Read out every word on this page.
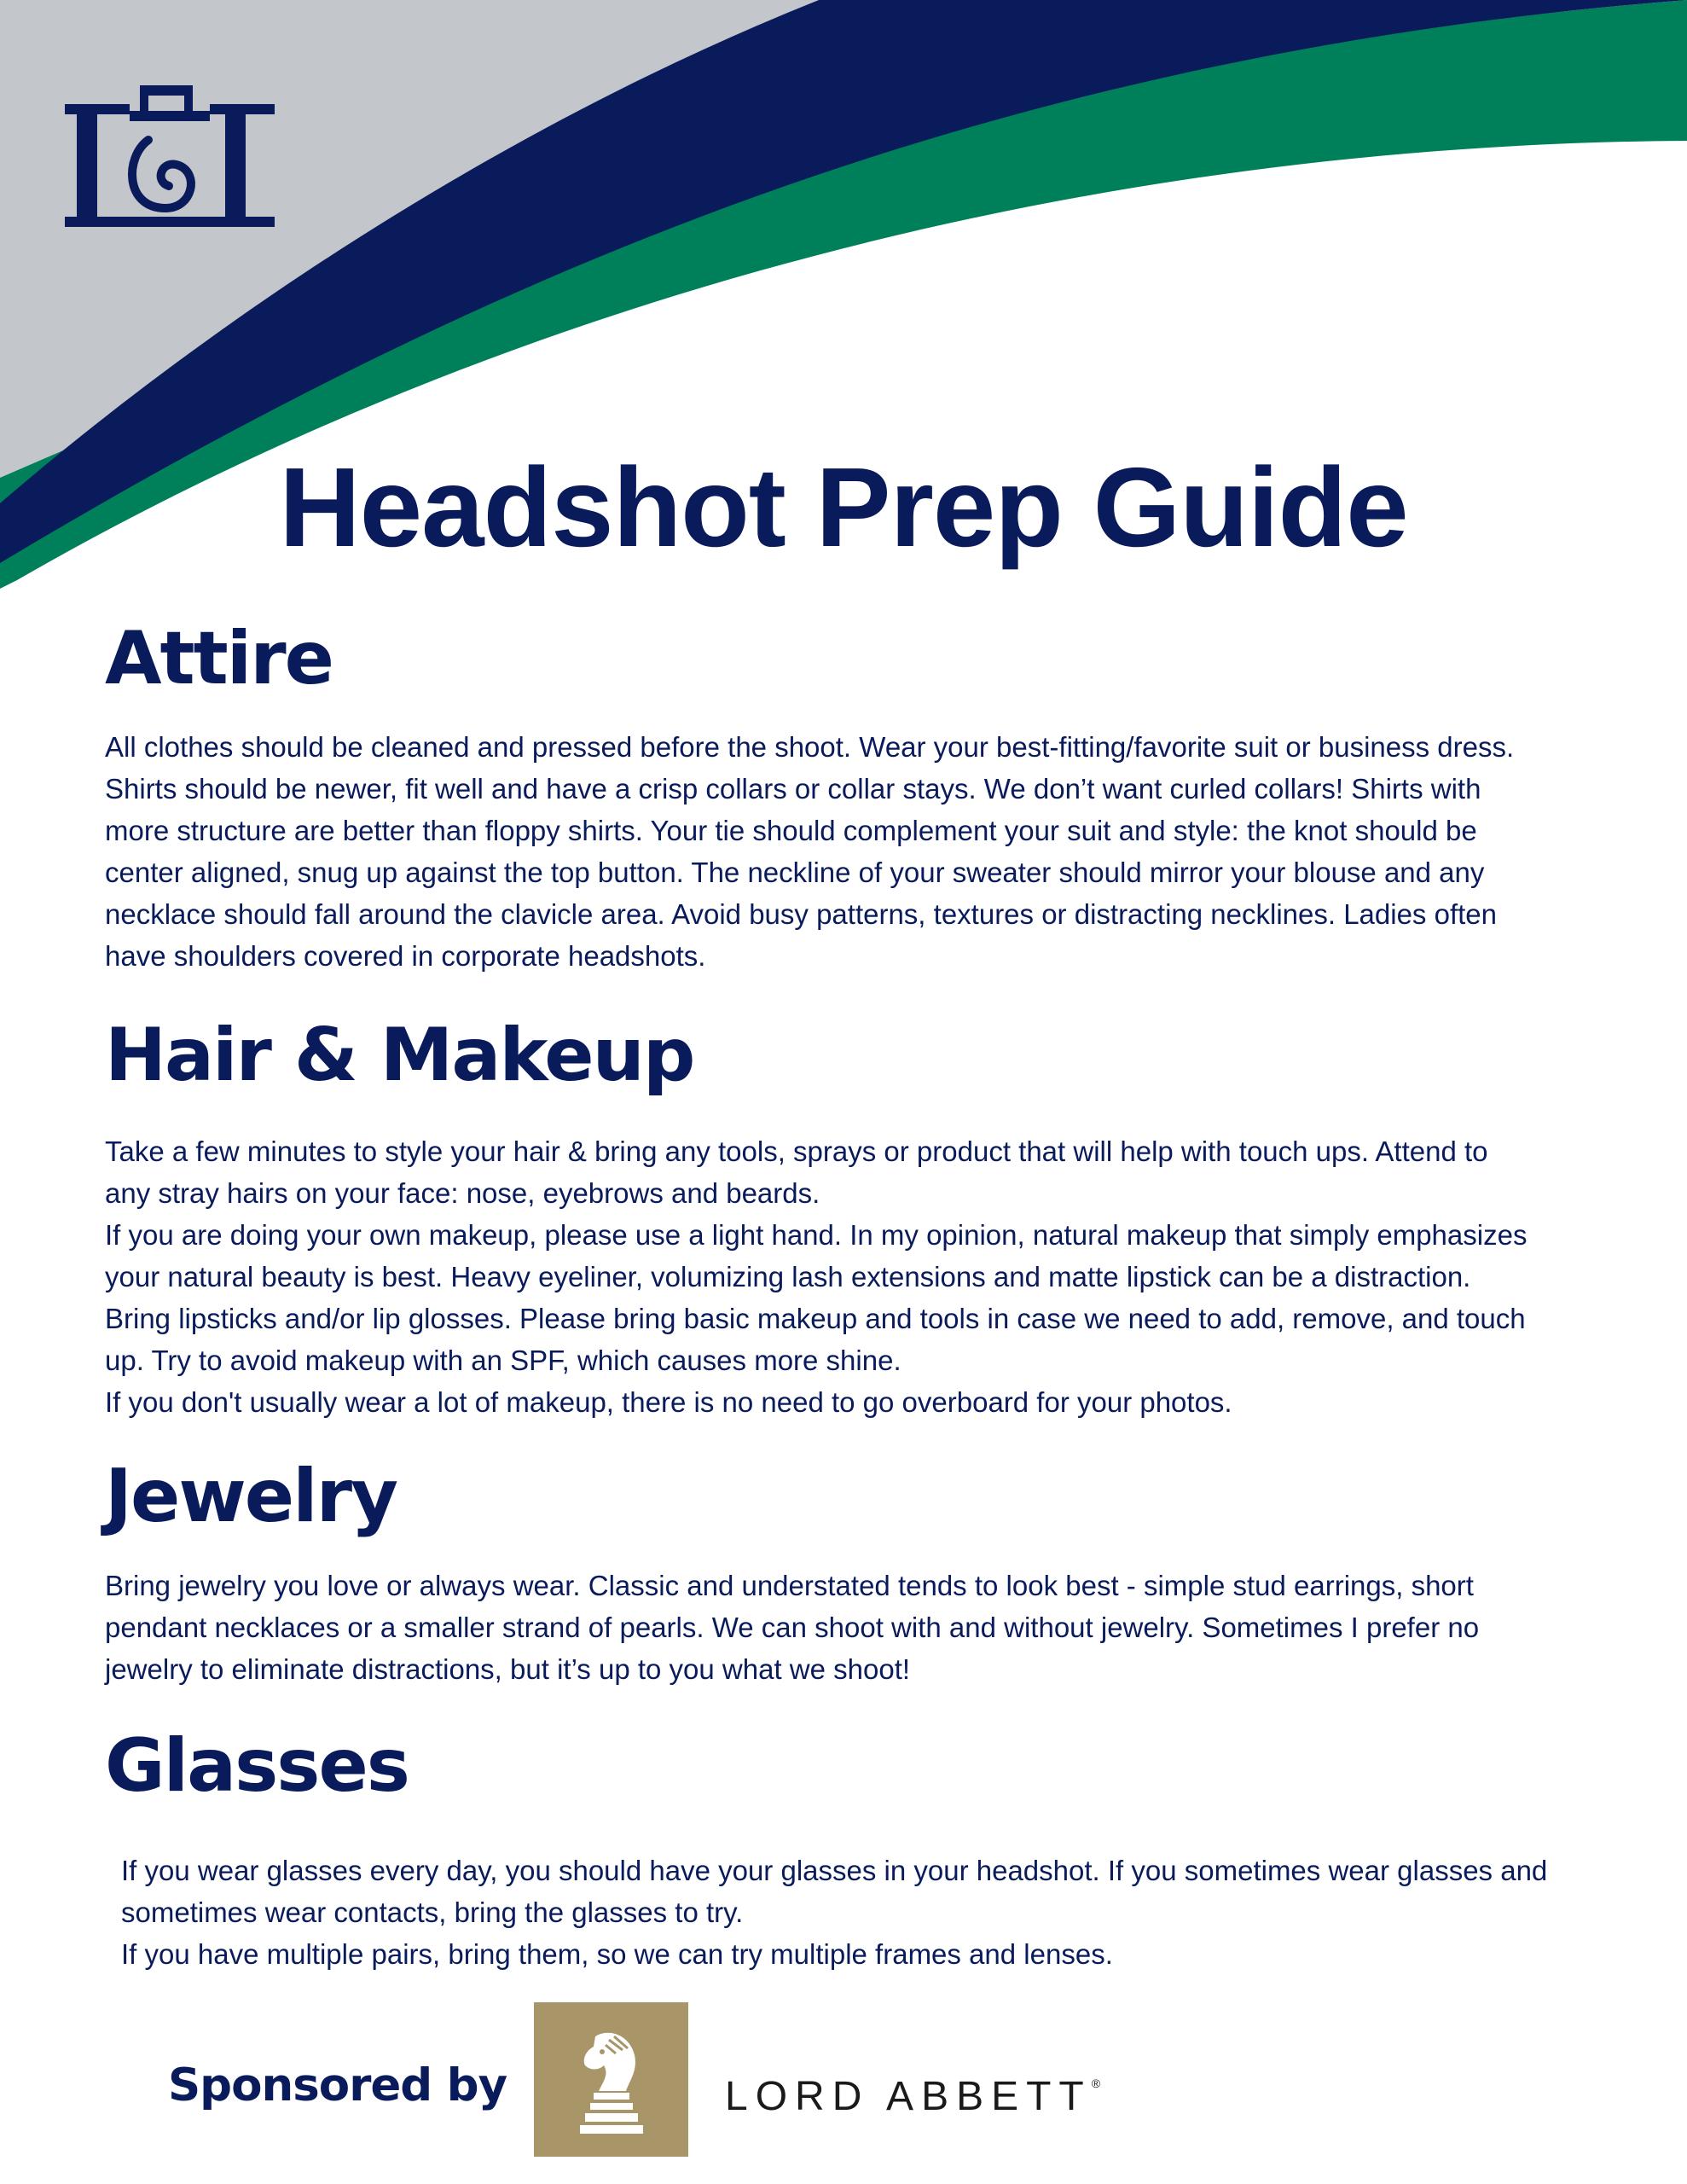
Headshot Prep Guide
Attire
All clothes should be cleaned and pressed before the shoot. Wear your best-fitting/favorite suit or business dress.
Shirts should be newer, fit well and have a crisp collars or collar stays. We don’t want curled collars! Shirts with
more structure are better than floppy shirts. Your tie should complement your suit and style: the knot should be
center aligned, snug up against the top button. The neckline of your sweater should mirror your blouse and any
necklace should fall around the clavicle area. Avoid busy patterns, textures or distracting necklines. Ladies often
have shoulders covered in corporate headshots.
Hair & Makeup
Take a few minutes to style your hair & bring any tools, sprays or product that will help with touch ups. Attend to
any stray hairs on your face: nose, eyebrows and beards.
If you are doing your own makeup, please use a light hand. In my opinion, natural makeup that simply emphasizes
your natural beauty is best. Heavy eyeliner, volumizing lash extensions and matte lipstick can be a distraction.
Bring lipsticks and/or lip glosses. Please bring basic makeup and tools in case we need to add, remove, and touch
up. Try to avoid makeup with an SPF, which causes more shine.
If you don't usually wear a lot of makeup, there is no need to go overboard for your photos.
Jewelry
Bring jewelry you love or always wear. Classic and understated tends to look best - simple stud earrings, short
pendant necklaces or a smaller strand of pearls. We can shoot with and without jewelry. Sometimes I prefer no
jewelry to eliminate distractions, but it’s up to you what we shoot!
Glasses
If you wear glasses every day, you should have your glasses in your headshot. If you sometimes wear glasses and
sometimes wear contacts, bring the glasses to try.
If you have multiple pairs, bring them, so we can try multiple frames and lenses.
Sponsored by	LORD ABBETT®
